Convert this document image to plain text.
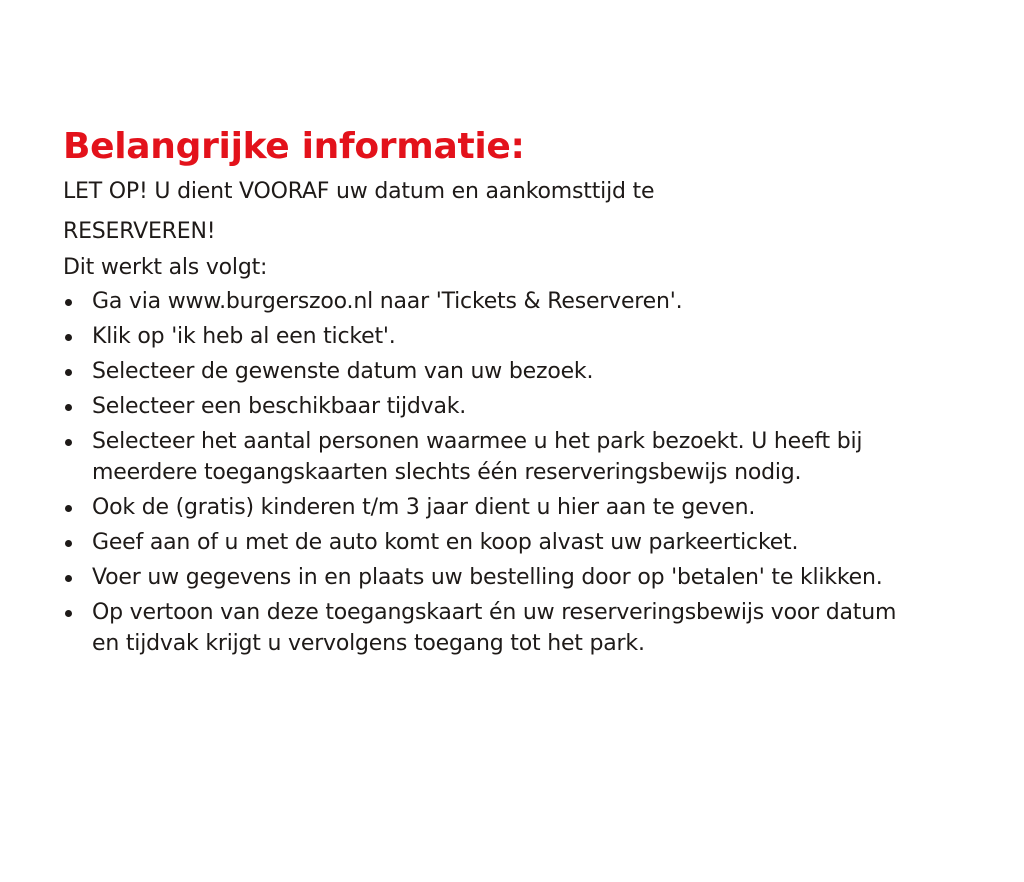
Belangrijke informatie:

LET OP! U dient VOORAF uw datum en aankomsttijd te RESERVEREN!

Dit werkt als volgt:

Ga via www.burgerszoo.nl naar 'Tickets & Reserveren'.
Klik op 'ik heb al een ticket'.
Selecteer de gewenste datum van uw bezoek.
Selecteer een beschikbaar tijdvak.
Selecteer het aantal personen waarmee u het park bezoekt. U heeft bij meerdere toegangskaarten slechts één reserveringsbewijs nodig.
Ook de (gratis) kinderen t/m 3 jaar dient u hier aan te geven.
Geef aan of u met de auto komt en koop alvast uw parkeerticket.
Voer uw gegevens in en plaats uw bestelling door op 'betalen' te klikken.
Op vertoon van deze toegangskaart én uw reserveringsbewijs voor datum en tijdvak krijgt u vervolgens toegang tot het park.
